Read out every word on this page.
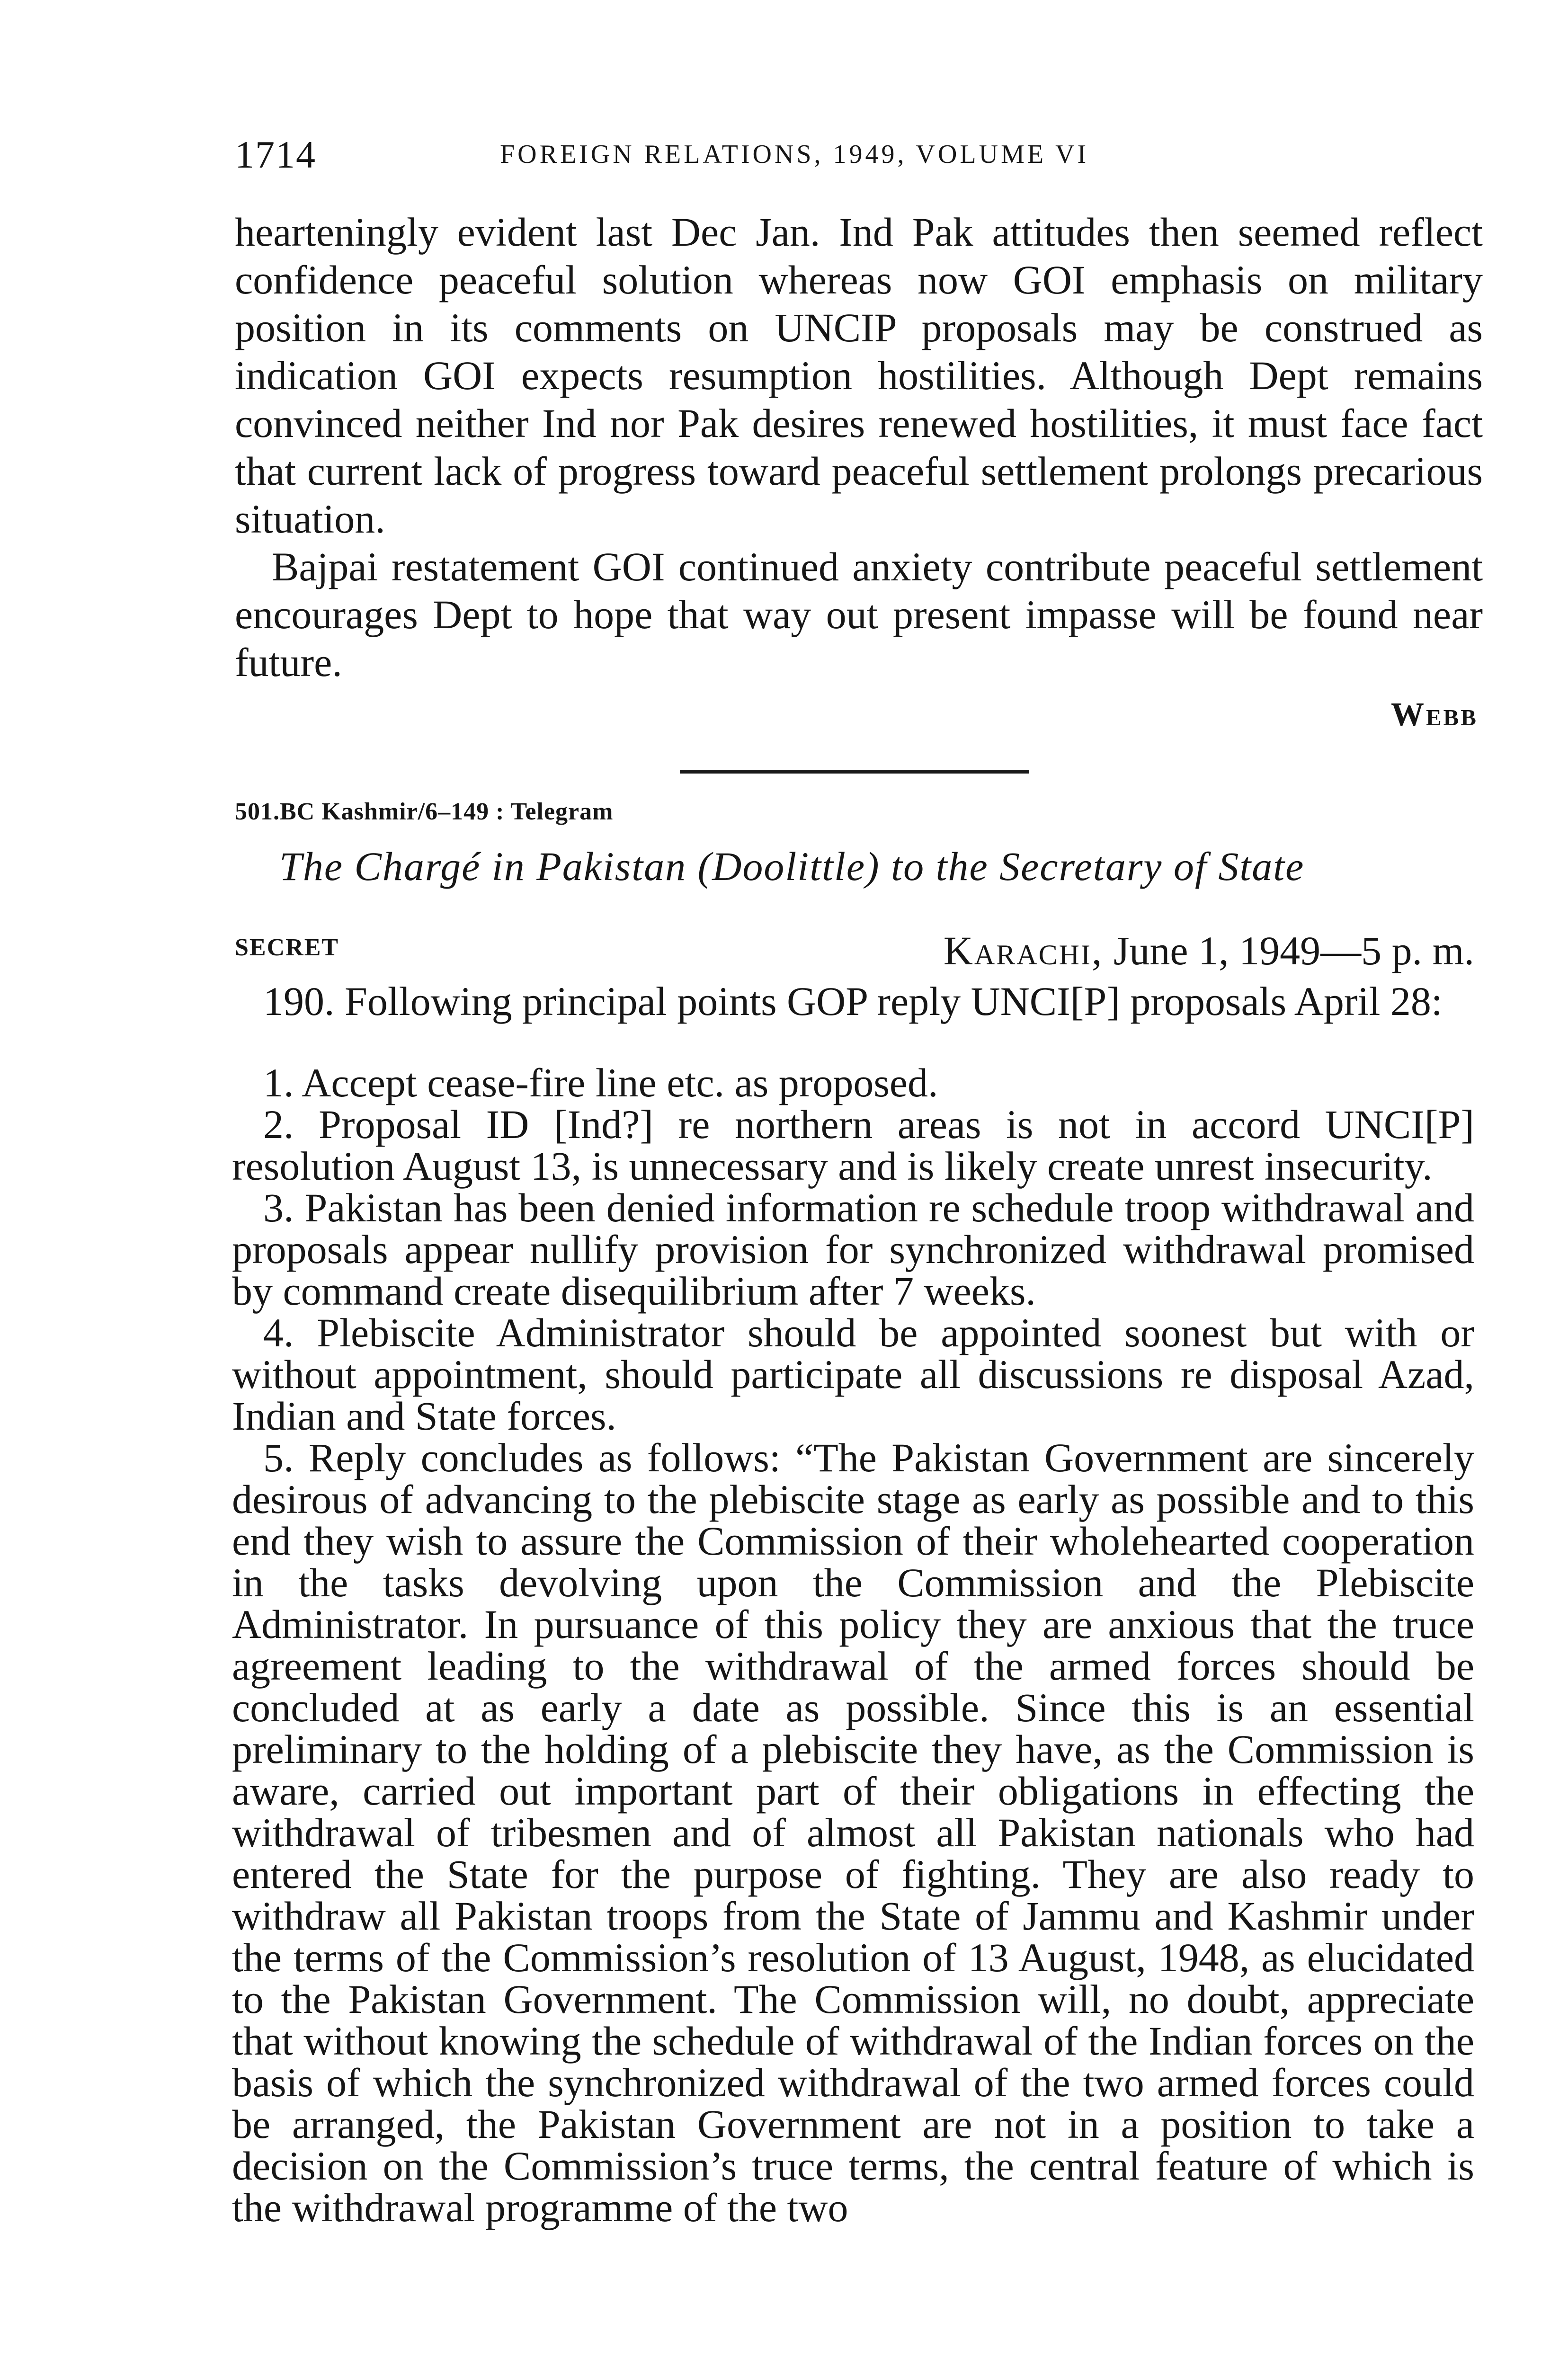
1714	FOREIGN RELATIONS, 1949, VOLUME VI

hearteningly evident last Dec Jan. Ind Pak attitudes then seemed reflect confidence peaceful solution whereas now GOI emphasis on military position in its comments on UNCIP proposals may be construed as indication GOI expects resumption hostilities. Although Dept remains convinced neither Ind nor Pak desires renewed hostilities, it must face fact that current lack of progress toward peaceful settlement prolongs precarious situation.

Bajpai restatement GOI continued anxiety contribute peaceful settlement encourages Dept to hope that way out present impasse will be found near future.

Webb
501.BC Kashmir/6–149 : Telegram
The Chargé in Pakistan (Doolittle) to the Secretary of State
SECRET	Karachi, June 1, 1949—5 p. m.

190. Following principal points GOP reply UNCI[P] proposals April 28:

1. Accept cease-fire line etc. as proposed.

2. Proposal ID [Ind?] re northern areas is not in accord UNCI[P] resolution August 13, is unnecessary and is likely create unrest insecurity.

3. Pakistan has been denied information re schedule troop withdrawal and proposals appear nullify provision for synchronized withdrawal promised by command create disequilibrium after 7 weeks.

4. Plebiscite Administrator should be appointed soonest but with or without appointment, should participate all discussions re disposal Azad, Indian and State forces.

5. Reply concludes as follows: “The Pakistan Government are sincerely desirous of advancing to the plebiscite stage as early as possible and to this end they wish to assure the Commission of their wholehearted cooperation in the tasks devolving upon the Commission and the Plebiscite Administrator. In pursuance of this policy they are anxious that the truce agreement leading to the withdrawal of the armed forces should be concluded at as early a date as possible. Since this is an essential preliminary to the holding of a plebiscite they have, as the Commission is aware, carried out important part of their obligations in effecting the withdrawal of tribesmen and of almost all Pakistan nationals who had entered the State for the purpose of fighting. They are also ready to withdraw all Pakistan troops from the State of Jammu and Kashmir under the terms of the Commission’s resolution of 13 August, 1948, as elucidated to the Pakistan Government. The Commission will, no doubt, appreciate that without knowing the schedule of withdrawal of the Indian forces on the basis of which the synchronized withdrawal of the two armed forces could be arranged, the Pakistan Government are not in a position to take a decision on the Commission’s truce terms, the central feature of which is the withdrawal programme of the two
